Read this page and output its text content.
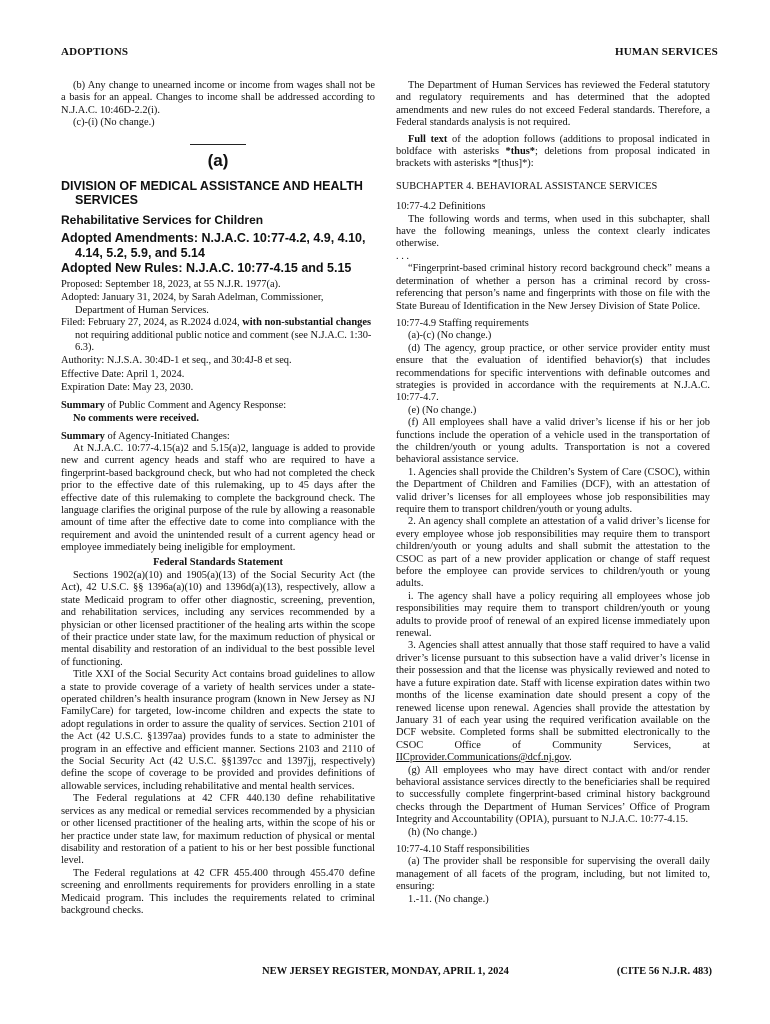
ADOPTIONS	HUMAN SERVICES

(b) Any change to unearned income or income from wages shall not be a basis for an appeal. Changes to income shall be addressed according to N.J.A.C. 10:46D-2.2(i).

(c)-(i) (No change.)

(a)
DIVISION OF MEDICAL ASSISTANCE AND HEALTH
SERVICES
Rehabilitative Services for Children
Adopted Amendments: N.J.A.C. 10:77-4.2, 4.9, 4.10,
4.14, 5.2, 5.9, and 5.14
Adopted New Rules: N.J.A.C. 10:77-4.15 and 5.15

Proposed: September 18, 2023, at 55 N.J.R. 1977(a).

Adopted: January 31, 2024, by Sarah Adelman, Commissioner,
Department of Human Services.

Filed: February 27, 2024, as R.2024 d.024, with non-substantial changes not requiring additional public notice and comment (see N.J.A.C. 1:30-6.3).

Authority: N.J.S.A. 30:4D-1 et seq., and 30:4J-8 et seq.

Effective Date: April 1, 2024.

Expiration Date: May 23, 2030.

Summary of Public Comment and Agency Response:

No comments were received.

Summary of Agency-Initiated Changes:

At N.J.A.C. 10:77-4.15(a)2 and 5.15(a)2, language is added to provide new and current agency heads and staff who are required to have a fingerprint-based background check, but who had not completed the check prior to the effective date of this rulemaking, up to 45 days after the effective date of this rulemaking to complete the background check. The language clarifies the original purpose of the rule by allowing a reasonable amount of time after the effective date to come into compliance with the requirement and avoid the unintended result of a current agency head or employee immediately being ineligible for employment.

Federal Standards Statement

Sections 1902(a)(10) and 1905(a)(13) of the Social Security Act (the Act), 42 U.S.C. §§ 1396a(a)(10) and 1396d(a)(13), respectively, allow a state Medicaid program to offer other diagnostic, screening, prevention, and rehabilitation services, including any services recommended by a physician or other licensed practitioner of the healing arts within the scope of their practice under state law, for the maximum reduction of physical or mental disability and restoration of an individual to the best possible level of functioning.

Title XXI of the Social Security Act contains broad guidelines to allow a state to provide coverage of a variety of health services under a state-operated children’s health insurance program (known in New Jersey as NJ FamilyCare) for targeted, low-income children and expects the state to adopt regulations in order to assure the quality of services. Section 2101 of the Act (42 U.S.C. §1397aa) provides funds to a state to administer the program in an effective and efficient manner. Sections 2103 and 2110 of the Social Security Act (42 U.S.C. §§1397cc and 1397jj, respectively) define the scope of coverage to be provided and provides definitions of allowable services, including rehabilitative and mental health services.

The Federal regulations at 42 CFR 440.130 define rehabilitative services as any medical or remedial services recommended by a physician or other licensed practitioner of the healing arts, within the scope of his or her practice under state law, for maximum reduction of physical or mental disability and restoration of a patient to his or her best possible functional level.

The Federal regulations at 42 CFR 455.400 through 455.470 define screening and enrollments requirements for providers enrolling in a state Medicaid program. This includes the requirements related to criminal background checks.

The Department of Human Services has reviewed the Federal statutory and regulatory requirements and has determined that the adopted amendments and new rules do not exceed Federal standards. Therefore, a Federal standards analysis is not required.

Full text of the adoption follows (additions to proposal indicated in boldface with asterisks *thus*; deletions from proposal indicated in brackets with asterisks *[thus]*):

SUBCHAPTER 4. BEHAVIORAL ASSISTANCE SERVICES

10:77-4.2 Definitions

The following words and terms, when used in this subchapter, shall have the following meanings, unless the context clearly indicates otherwise.

. . .

“Fingerprint-based criminal history record background check” means a determination of whether a person has a criminal record by cross-referencing that person’s name and fingerprints with those on file with the State Bureau of Identification in the New Jersey Division of State Police.

10:77-4.9 Staffing requirements

(a)-(c) (No change.)

(d) The agency, group practice, or other service provider entity must ensure that the evaluation of identified behavior(s) that includes recommendations for specific interventions with definable outcomes and strategies is provided in accordance with the requirements at N.J.A.C. 10:77-4.7.

(e) (No change.)

(f) All employees shall have a valid driver’s license if his or her job functions include the operation of a vehicle used in the transportation of the children/youth or young adults. Transportation is not a covered behavioral assistance service.

1. Agencies shall provide the Children’s System of Care (CSOC), within the Department of Children and Families (DCF), with an attestation of valid driver’s licenses for all employees whose job responsibilities may require them to transport children/youth or young adults.

2. An agency shall complete an attestation of a valid driver’s license for every employee whose job responsibilities may require them to transport children/youth or young adults and shall submit the attestation to the CSOC as part of a new provider application or change of staff request before the employee can provide services to children/youth or young adults.

i. The agency shall have a policy requiring all employees whose job responsibilities may require them to transport children/youth or young adults to provide proof of renewal of an expired license immediately upon renewal.

3. Agencies shall attest annually that those staff required to have a valid driver’s license pursuant to this subsection have a valid driver’s license in their possession and that the license was physically reviewed and noted to have a future expiration date. Staff with license expiration dates within two months of the license examination date should present a copy of the renewed license upon renewal. Agencies shall provide the attestation by January 31 of each year using the required verification available on the DCF website. Completed forms shall be submitted electronically to the CSOC Office of Community Services, at IICprovider.Communications@dcf.nj.gov.

(g) All employees who may have direct contact with and/or render behavioral assistance services directly to the beneficiaries shall be required to successfully complete fingerprint-based criminal history background checks through the Department of Human Services’ Office of Program Integrity and Accountability (OPIA), pursuant to N.J.A.C. 10:77-4.15.

(h) (No change.)

10:77-4.10 Staff responsibilities

(a) The provider shall be responsible for supervising the overall daily management of all facets of the program, including, but not limited to, ensuring:

1.-11. (No change.)

NEW JERSEY REGISTER, MONDAY, APRIL 1, 2024	(CITE 56 N.J.R. 483)
